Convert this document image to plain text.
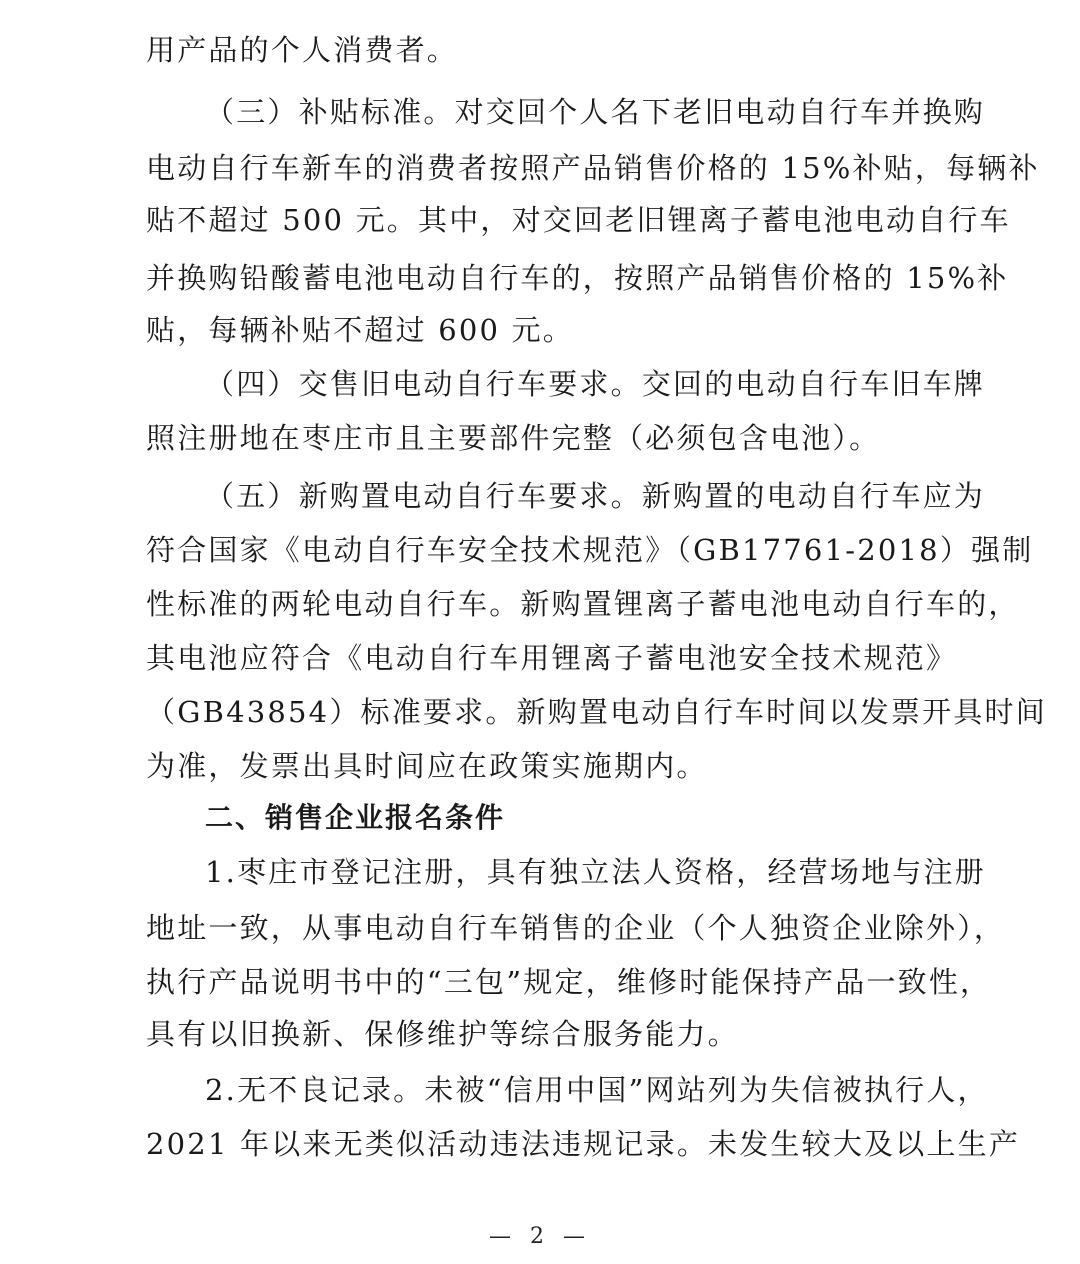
用产品的个人消费者。
（三）补贴标准。对交回个人名下老旧电动自行车并换购
电动自行车新车的消费者按照产品销售价格的 15%补贴，每辆补
贴不超过 500 元。其中，对交回老旧锂离子蓄电池电动自行车
并换购铅酸蓄电池电动自行车的，按照产品销售价格的 15%补
贴，每辆补贴不超过 600 元。
（四）交售旧电动自行车要求。交回的电动自行车旧车牌
照注册地在枣庄市且主要部件完整（必须包含电池）。
（五）新购置电动自行车要求。新购置的电动自行车应为
符合国家《电动自行车安全技术规范》（GB17761-2018）强制
性标准的两轮电动自行车。新购置锂离子蓄电池电动自行车的，
其电池应符合《电动自行车用锂离子蓄电池安全技术规范》
（GB43854）标准要求。新购置电动自行车时间以发票开具时间
为准，发票出具时间应在政策实施期内。
二、销售企业报名条件
1.枣庄市登记注册，具有独立法人资格，经营场地与注册
地址一致，从事电动自行车销售的企业（个人独资企业除外），
执行产品说明书中的“三包”规定，维修时能保持产品一致性，
具有以旧换新、保修维护等综合服务能力。
2.无不良记录。未被“信用中国”网站列为失信被执行人，
2021 年以来无类似活动违法违规记录。未发生较大及以上生产
— 2 —
